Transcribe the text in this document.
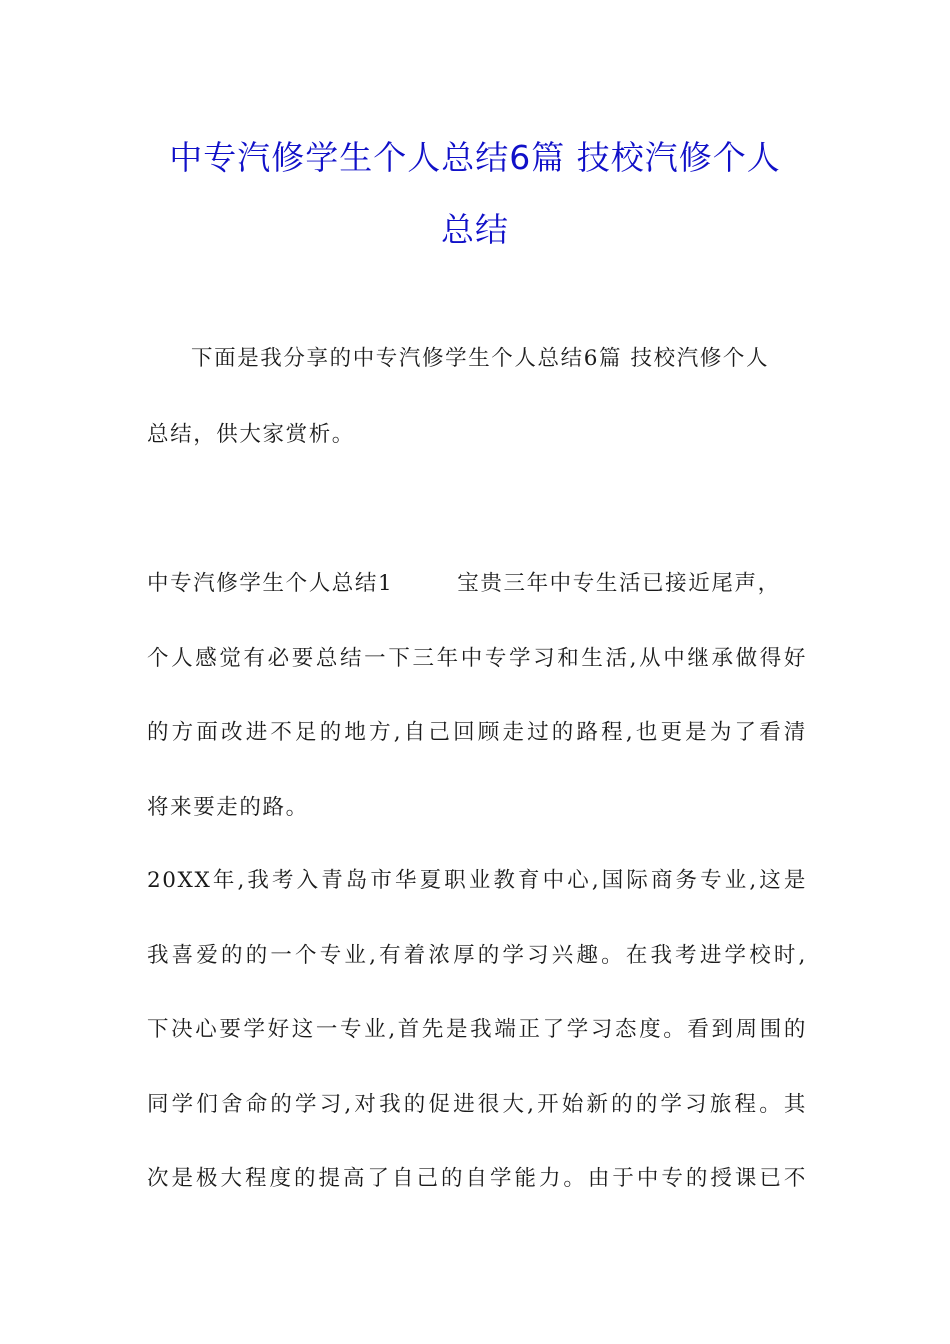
中专汽修学生个人总结6篇 技校汽修个人
总结
下面是我分享的中专汽修学生个人总结6篇 技校汽修个人
总结，供大家赏析。
中专汽修学生个人总结1	宝贵三年中专生活已接近尾声，
个人感觉有必要总结一下三年中专学习和生活,从中继承做得好
的方面改进不足的地方,自己回顾走过的路程,也更是为了看清
将来要走的路。
20XX年,我考入青岛市华夏职业教育中心,国际商务专业,这是
我喜爱的的一个专业,有着浓厚的学习兴趣。在我考进学校时,
下决心要学好这一专业,首先是我端正了学习态度。看到周围的
同学们舍命的学习,对我的促进很大,开始新的的学习旅程。其
次是极大程度的提高了自己的自学能力。由于中专的授课已不
